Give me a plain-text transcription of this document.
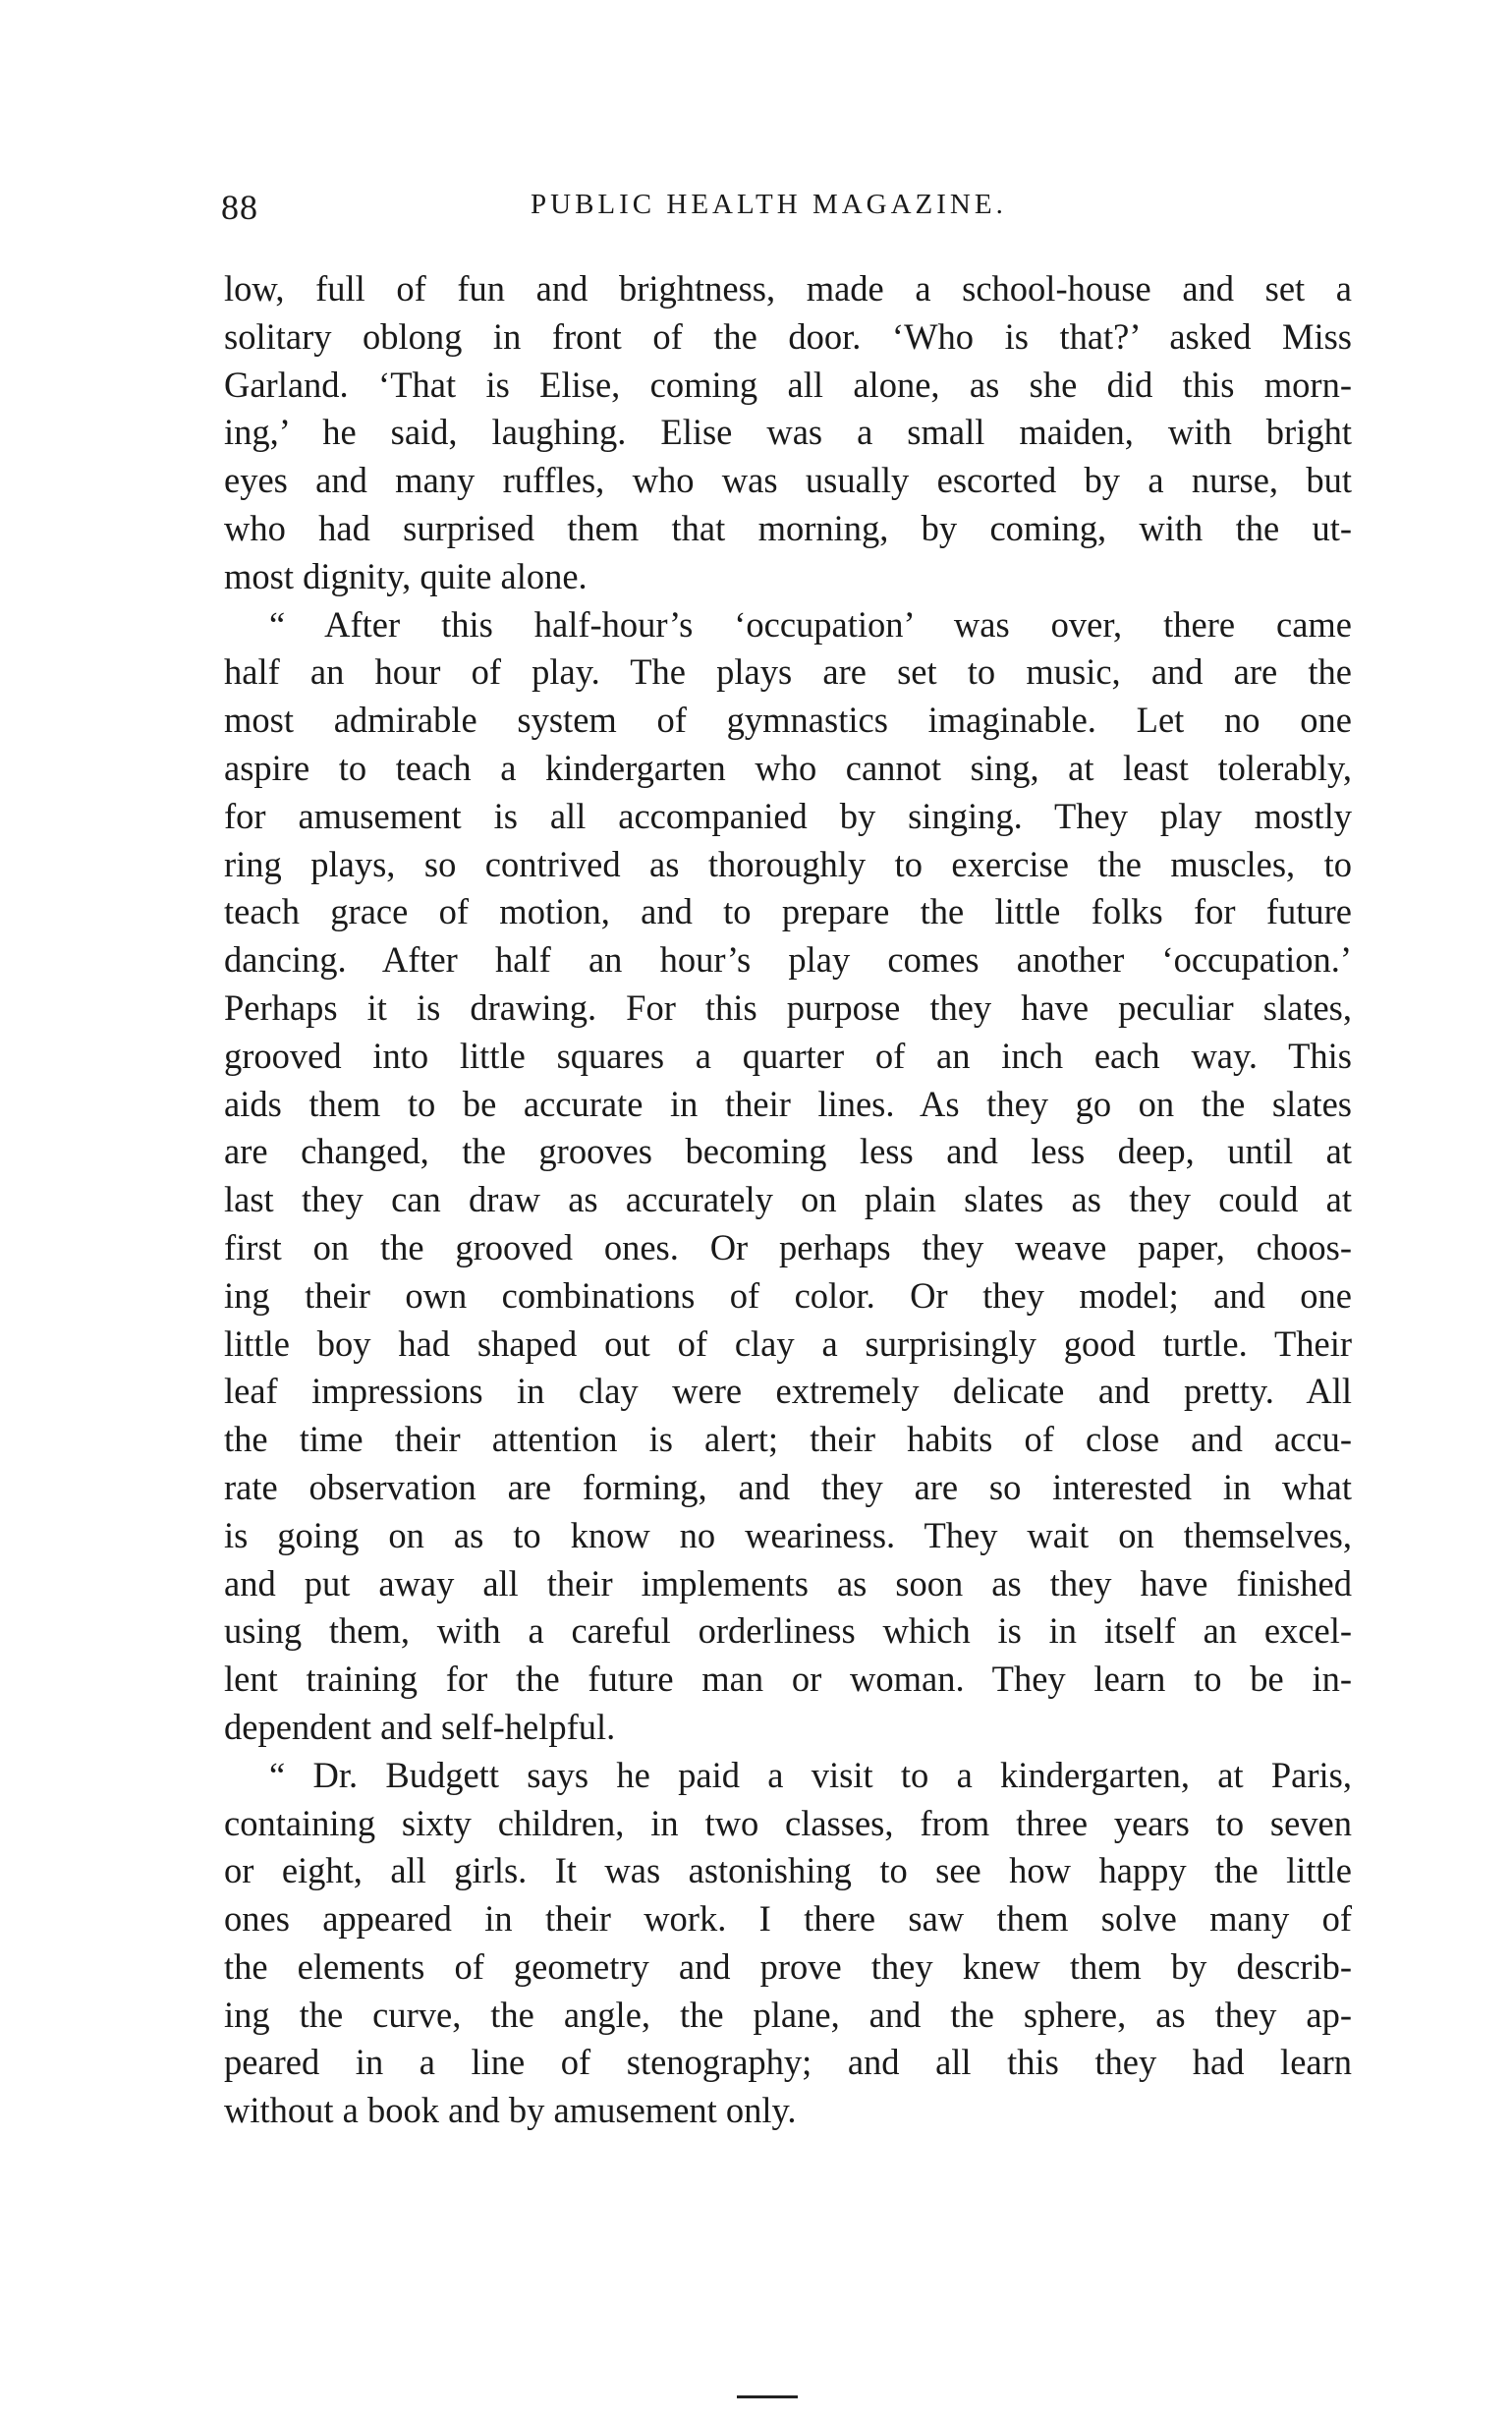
88	PUBLIC HEALTH MAGAZINE.

low, full of fun and brightness, made a school-house and set a
solitary oblong in front of the door. ‘Who is that?’ asked Miss
Garland. ‘That is Elise, coming all alone, as she did this morn-
ing,’ he said, laughing. Elise was a small maiden, with bright
eyes and many ruffles, who was usually escorted by a nurse, but
who had surprised them that morning, by coming, with the ut-
most dignity, quite alone.

“ After this half-hour’s ‘occupation’ was over, there came
half an hour of play. The plays are set to music, and are the
most admirable system of gymnastics imaginable. Let no one
aspire to teach a kindergarten who cannot sing, at least tolerably,
for amusement is all accompanied by singing. They play mostly
ring plays, so contrived as thoroughly to exercise the muscles, to
teach grace of motion, and to prepare the little folks for future
dancing. After half an hour’s play comes another ‘occupation.’
Perhaps it is drawing. For this purpose they have peculiar slates,
grooved into little squares a quarter of an inch each way. This
aids them to be accurate in their lines. As they go on the slates
are changed, the grooves becoming less and less deep, until at
last they can draw as accurately on plain slates as they could at
first on the grooved ones. Or perhaps they weave paper, choos-
ing their own combinations of color. Or they model; and one
little boy had shaped out of clay a surprisingly good turtle. Their
leaf impressions in clay were extremely delicate and pretty. All
the time their attention is alert; their habits of close and accu-
rate observation are forming, and they are so interested in what
is going on as to know no weariness. They wait on themselves,
and put away all their implements as soon as they have finished
using them, with a careful orderliness which is in itself an excel-
lent training for the future man or woman. They learn to be in-
dependent and self-helpful.

“ Dr. Budgett says he paid a visit to a kindergarten, at Paris,
containing sixty children, in two classes, from three years to seven
or eight, all girls. It was astonishing to see how happy the little
ones appeared in their work. I there saw them solve many of
the elements of geometry and prove they knew them by describ-
ing the curve, the angle, the plane, and the sphere, as they ap-
peared in a line of stenography; and all this they had learn
without a book and by amusement only.
